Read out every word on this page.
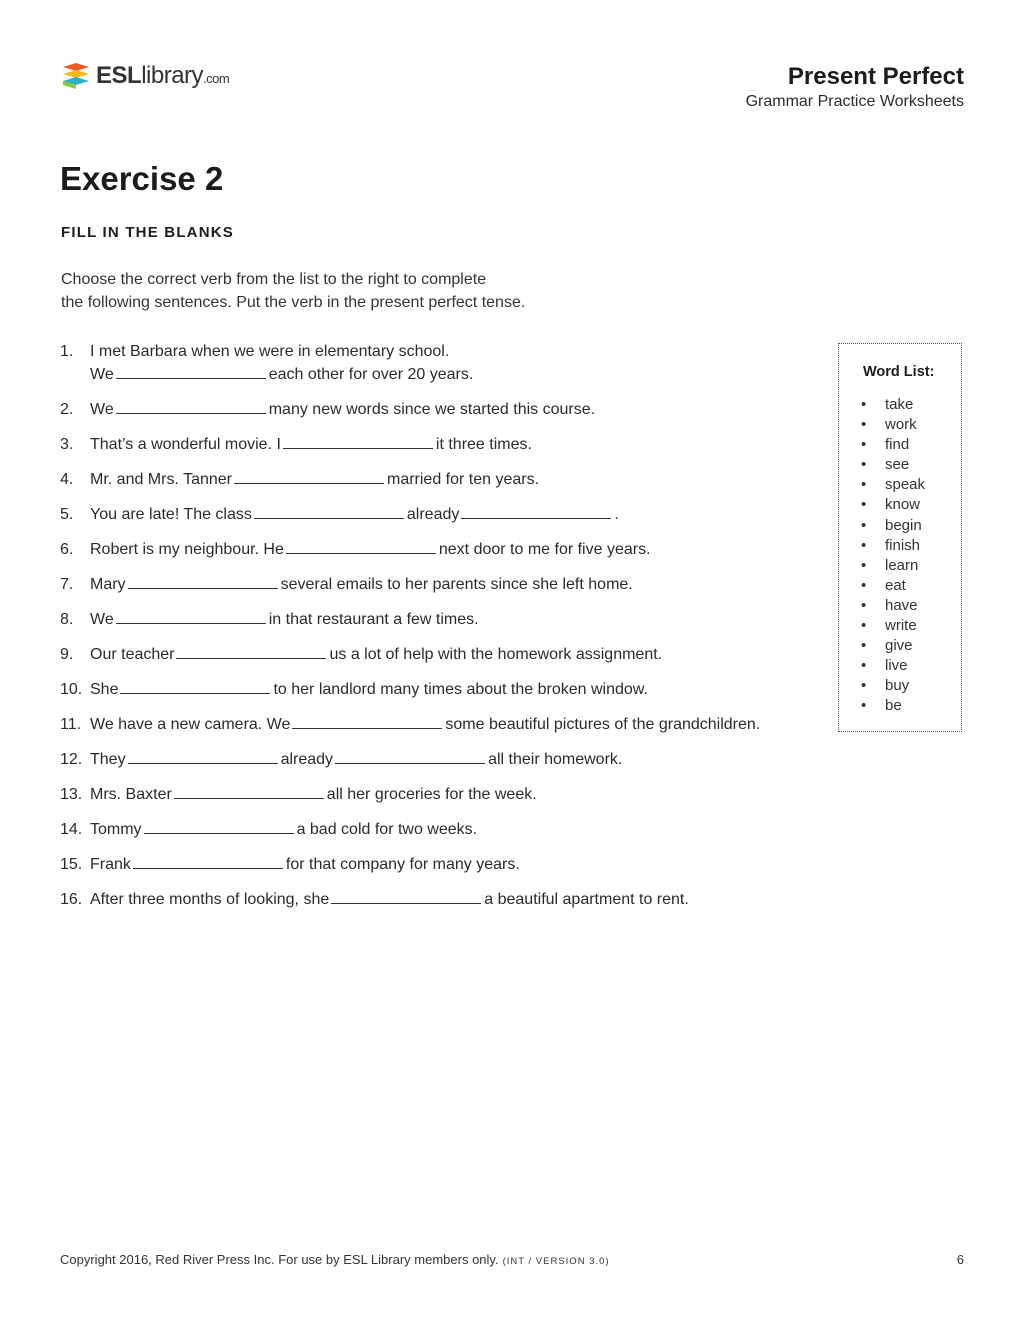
ESLlibrary.com	Present Perfect
Grammar Practice Worksheets
Exercise 2
FILL IN THE BLANKS
Choose the correct verb from the list to the right to complete
the following sentences. Put the verb in the present perfect tense.
1. I met Barbara when we were in elementary school.
We	each other for over 20 years.
2. We	many new words since we started this course.
3. That’s a wonderful movie. I	it three times.
4. Mr. and Mrs. Tanner	married for ten years.
5. You are late! The class	already	.
6. Robert is my neighbour. He	next door to me for five years.
7. Mary	several emails to her parents since she left home.
8. We	in that restaurant a few times.
9. Our teacher	us a lot of help with the homework assignment.
10. She	to her landlord many times about the broken window.
11. We have a new camera. We	some beautiful pictures of the grandchildren.
12. They	already	all their homework.
13. Mrs. Baxter	all her groceries for the week.
14. Tommy	a bad cold for two weeks.
15. Frank	for that company for many years.
16. After three months of looking, she	a beautiful apartment to rent.
Word List:
• take
• work
• find
• see
• speak
• know
• begin
• finish
• learn
• eat
• have
• write
• give
• live
• buy
• be
Copyright 2016, Red River Press Inc. For use by ESL Library members only. (INT / VERSION 3.0)	6
